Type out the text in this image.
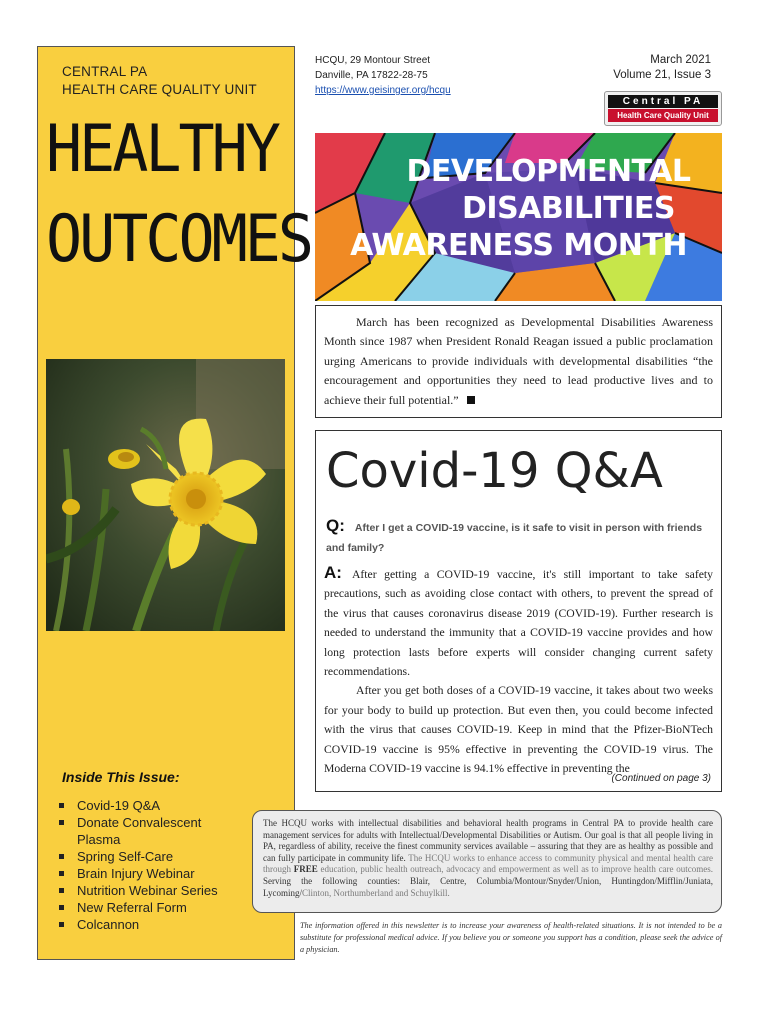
CENTRAL PA
HEALTH CARE QUALITY UNIT
HEALTHY
OUTCOMES
Inside This Issue:
Covid-19 Q&A
Donate Convalescent Plasma
Spring Self-Care
Brain Injury Webinar
Nutrition Webinar Series
New Referral Form
Colcannon
HCQU, 29 Montour Street
Danville, PA 17822-28-75
https://www.geisinger.org/hcqu
March 2021
Volume 21, Issue 3
Central PA
Health Care Quality Unit
DEVELOPMENTAL
DISABILITIES
AWARENESS MONTH

March has been recognized as Developmental Disabilities Awareness Month since 1987 when President Ronald Reagan issued a public proclamation urging Americans to provide individuals with developmental disabilities “the encouragement and opportunities they need to lead productive lives and to achieve their full potential.”

Covid-19 Q&A
Q: After I get a COVID-19 vaccine, is it safe to visit in person with friends and family?

A: After getting a COVID-19 vaccine, it's still important to take safety precautions, such as avoiding close contact with others, to prevent the spread of the virus that causes coronavirus disease 2019 (COVID-19). Further research is needed to understand the immunity that a COVID-19 vaccine provides and how long protection lasts before experts will consider changing current safety recommendations.

After you get both doses of a COVID-19 vaccine, it takes about two weeks for your body to build up protection. But even then, you could become infected with the virus that causes COVID-19. Keep in mind that the Pfizer-BioNTech COVID-19 vaccine is 95% effective in preventing the COVID-19 virus. The Moderna COVID-19 vaccine is 94.1% effective in preventing the

(Continued on page 3)
The HCQU works with intellectual disabilities and behavioral health programs in Central PA to provide health care management services for adults with Intellectual/Developmental Disabilities or Autism. Our goal is that all people living in PA, regardless of ability, receive the finest community services available – assuring that they are as healthy as possible and can fully participate in community life. The HCQU works to enhance access to community physical and mental health care through FREE education, public health outreach, advocacy and empowerment as well as to improve health care outcomes. Serving the following counties: Blair, Centre, Columbia/Montour/Snyder/Union, Huntingdon/Mifflin/Juniata, Lycoming/Clinton, Northumberland and Schuylkill.
The information offered in this newsletter is to increase your awareness of health-related situations. It is not intended to be a substitute for professional medical advice. If you believe you or someone you support has a condition, please seek the advice of a physician.
